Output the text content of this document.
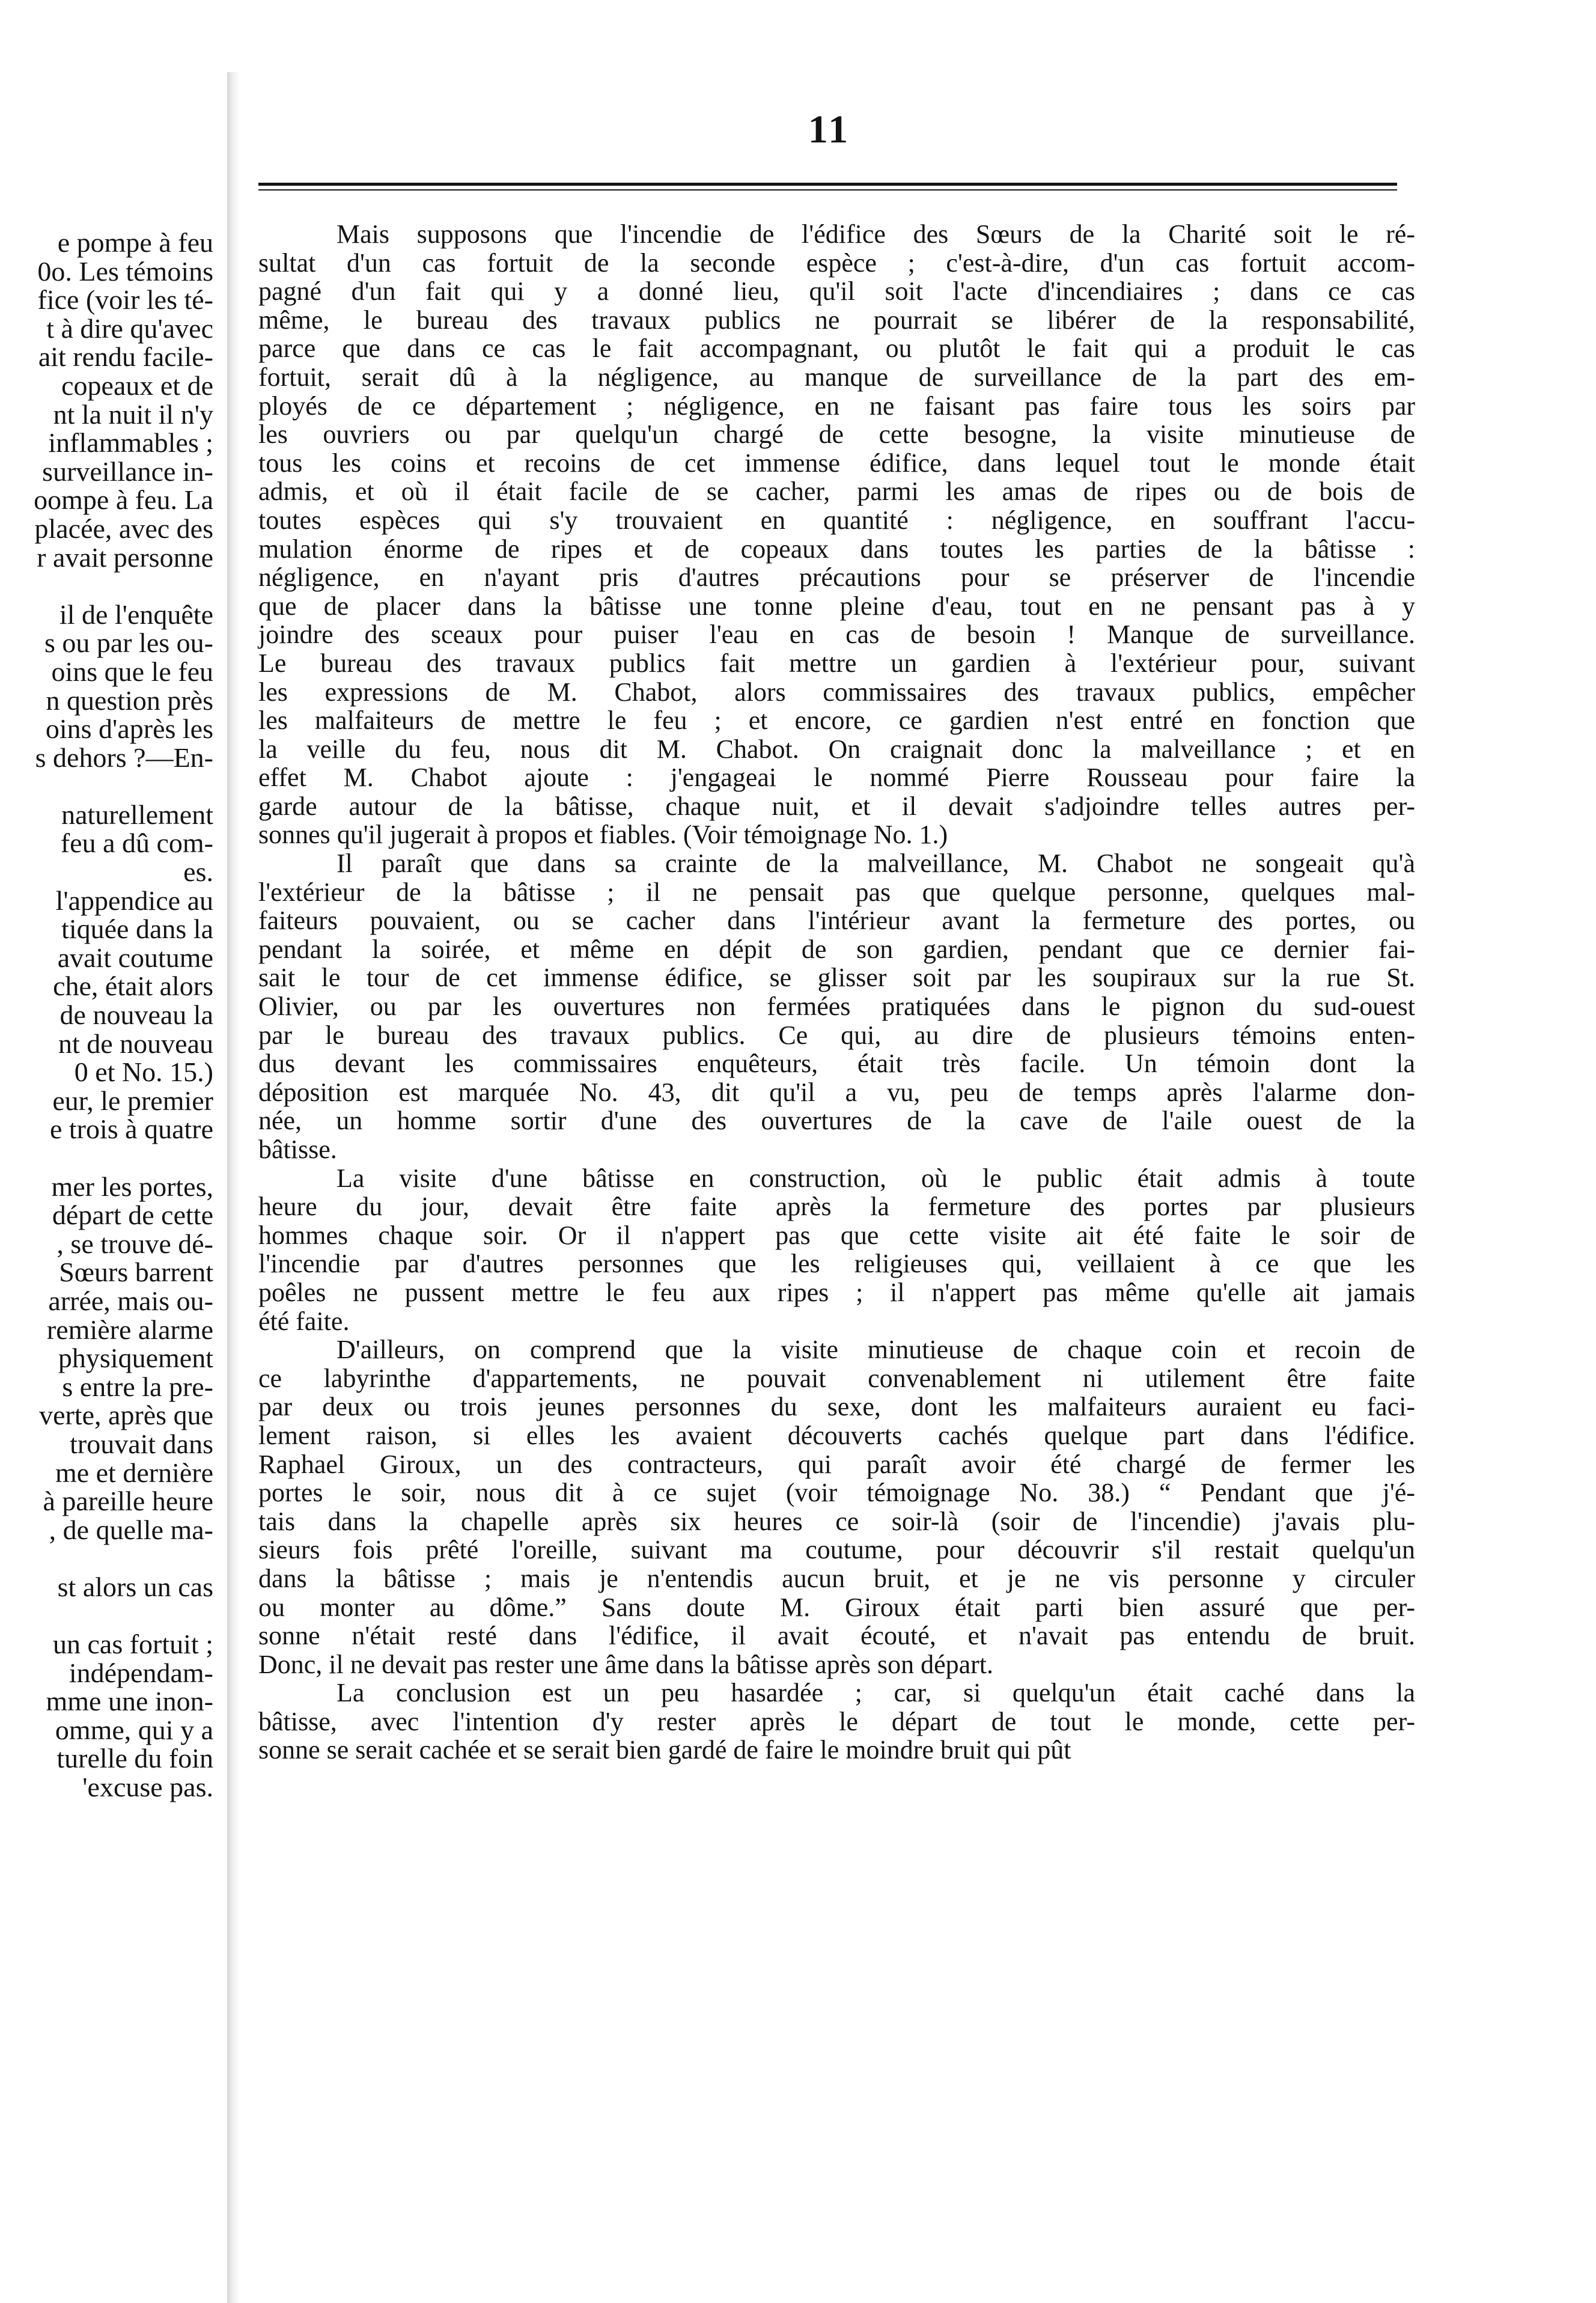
e pompe à feu
0o. Les témoins
fice (voir les té-
t à dire qu'avec
ait rendu facile-
copeaux et de
nt la nuit il n'y
inflammables ;
surveillance in-
oompe à feu. La
placée, avec des
r avait personne
il de l'enquête
s ou par les ou-
oins que le feu
n question près
oins d'après les
s dehors ?—En-
naturellement
feu a dû com-
es.
l'appendice au
tiquée dans la
avait coutume
che, était alors
de nouveau la
nt de nouveau
0 et No. 15.)
eur, le premier
e trois à quatre
mer les portes,
départ de cette
, se trouve dé-
Sœurs barrent
arrée, mais ou-
remière alarme
physiquement
s entre la pre-
verte, après que
trouvait dans
me et dernière
à pareille heure
, de quelle ma-
st alors un cas
un cas fortuit ;
indépendam-
mme une inon-
omme, qui y a
turelle du foin
'excuse pas.
11
Mais supposons que l'incendie de l'édifice des Sœurs de la Charité soit le ré-
sultat d'un cas fortuit de la seconde espèce ; c'est-à-dire, d'un cas fortuit accom-
pagné d'un fait qui y a donné lieu, qu'il soit l'acte d'incendiaires ; dans ce cas
même, le bureau des travaux publics ne pourrait se libérer de la responsabilité,
parce que dans ce cas le fait accompagnant, ou plutôt le fait qui a produit le cas
fortuit, serait dû à la négligence, au manque de surveillance de la part des em-
ployés de ce département ; négligence, en ne faisant pas faire tous les soirs par
les ouvriers ou par quelqu'un chargé de cette besogne, la visite minutieuse de
tous les coins et recoins de cet immense édifice, dans lequel tout le monde était
admis, et où il était facile de se cacher, parmi les amas de ripes ou de bois de
toutes espèces qui s'y trouvaient en quantité : négligence, en souffrant l'accu-
mulation énorme de ripes et de copeaux dans toutes les parties de la bâtisse :
négligence, en n'ayant pris d'autres précautions pour se préserver de l'incendie
que de placer dans la bâtisse une tonne pleine d'eau, tout en ne pensant pas à y
joindre des sceaux pour puiser l'eau en cas de besoin ! Manque de surveillance.
Le bureau des travaux publics fait mettre un gardien à l'extérieur pour, suivant
les expressions de M. Chabot, alors commissaires des travaux publics, empêcher
les malfaiteurs de mettre le feu ; et encore, ce gardien n'est entré en fonction que
la veille du feu, nous dit M. Chabot. On craignait donc la malveillance ; et en
effet M. Chabot ajoute : j'engageai le nommé Pierre Rousseau pour faire la
garde autour de la bâtisse, chaque nuit, et il devait s'adjoindre telles autres per-
sonnes qu'il jugerait à propos et fiables. (Voir témoignage No. 1.)
Il paraît que dans sa crainte de la malveillance, M. Chabot ne songeait qu'à
l'extérieur de la bâtisse ; il ne pensait pas que quelque personne, quelques mal-
faiteurs pouvaient, ou se cacher dans l'intérieur avant la fermeture des portes, ou
pendant la soirée, et même en dépit de son gardien, pendant que ce dernier fai-
sait le tour de cet immense édifice, se glisser soit par les soupiraux sur la rue St.
Olivier, ou par les ouvertures non fermées pratiquées dans le pignon du sud-ouest
par le bureau des travaux publics. Ce qui, au dire de plusieurs témoins enten-
dus devant les commissaires enquêteurs, était très facile. Un témoin dont la
déposition est marquée No. 43, dit qu'il a vu, peu de temps après l'alarme don-
née, un homme sortir d'une des ouvertures de la cave de l'aile ouest de la
bâtisse.
La visite d'une bâtisse en construction, où le public était admis à toute
heure du jour, devait être faite après la fermeture des portes par plusieurs
hommes chaque soir. Or il n'appert pas que cette visite ait été faite le soir de
l'incendie par d'autres personnes que les religieuses qui, veillaient à ce que les
poêles ne pussent mettre le feu aux ripes ; il n'appert pas même qu'elle ait jamais
été faite.
D'ailleurs, on comprend que la visite minutieuse de chaque coin et recoin de
ce labyrinthe d'appartements, ne pouvait convenablement ni utilement être faite
par deux ou trois jeunes personnes du sexe, dont les malfaiteurs auraient eu faci-
lement raison, si elles les avaient découverts cachés quelque part dans l'édifice.
Raphael Giroux, un des contracteurs, qui paraît avoir été chargé de fermer les
portes le soir, nous dit à ce sujet (voir témoignage No. 38.) “ Pendant que j'é-
tais dans la chapelle après six heures ce soir-là (soir de l'incendie) j'avais plu-
sieurs fois prêté l'oreille, suivant ma coutume, pour découvrir s'il restait quelqu'un
dans la bâtisse ; mais je n'entendis aucun bruit, et je ne vis personne y circuler
ou monter au dôme.” Sans doute M. Giroux était parti bien assuré que per-
sonne n'était resté dans l'édifice, il avait écouté, et n'avait pas entendu de bruit.
Donc, il ne devait pas rester une âme dans la bâtisse après son départ.
La conclusion est un peu hasardée ; car, si quelqu'un était caché dans la
bâtisse, avec l'intention d'y rester après le départ de tout le monde, cette per-
sonne se serait cachée et se serait bien gardé de faire le moindre bruit qui pût
